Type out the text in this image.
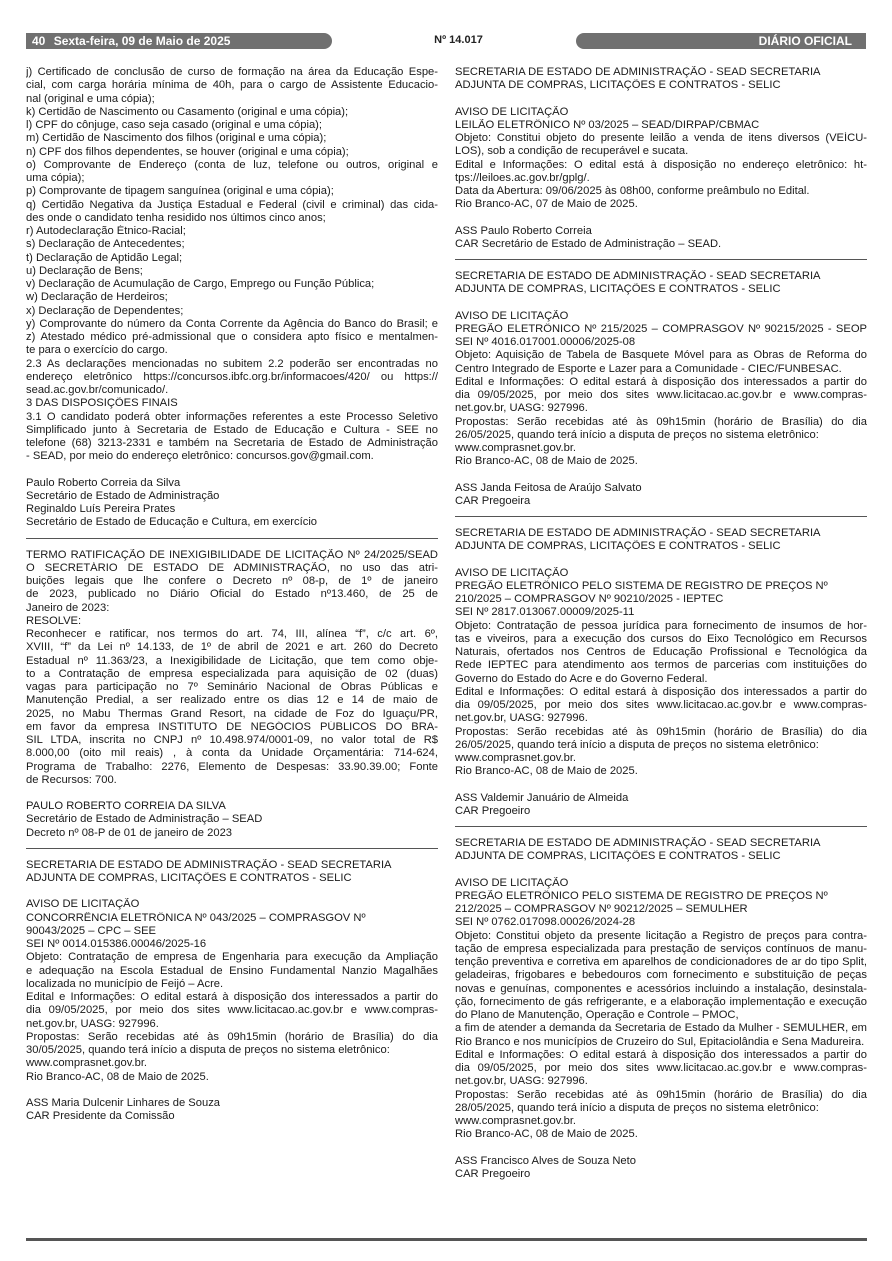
40 Sexta-feira, 09 de Maio de 2025	Nº 14.017	DIÁRIO OFICIAL
j) Certificado de conclusão de curso de formação na área da Educação Espe-
cial, com carga horária mínima de 40h, para o cargo de Assistente Educacio-
nal (original e uma cópia);
k) Certidão de Nascimento ou Casamento (original e uma cópia);
l) CPF do cônjuge, caso seja casado (original e uma cópia);
m) Certidão de Nascimento dos filhos (original e uma cópia);
n) CPF dos filhos dependentes, se houver (original e uma cópia);
o) Comprovante de Endereço (conta de luz, telefone ou outros, original e
uma cópia);
p) Comprovante de tipagem sanguínea (original e uma cópia);
q) Certidão Negativa da Justiça Estadual e Federal (civil e criminal) das cida-
des onde o candidato tenha residido nos últimos cinco anos;
r) Autodeclaração Étnico-Racial;
s) Declaração de Antecedentes;
t) Declaração de Aptidão Legal;
u) Declaração de Bens;
v) Declaração de Acumulação de Cargo, Emprego ou Função Pública;
w) Declaração de Herdeiros;
x) Declaração de Dependentes;
y) Comprovante do número da Conta Corrente da Agência do Banco do Brasil; e
z) Atestado médico pré-admissional que o considera apto físico e mentalmen-
te para o exercício do cargo.
2.3 As declarações mencionadas no subitem 2.2 poderão ser encontradas no
endereço eletrônico https://concursos.ibfc.org.br/informacoes/420/ ou https://
sead.ac.gov.br/comunicado/.
3 DAS DISPOSIÇÕES FINAIS
3.1 O candidato poderá obter informações referentes a este Processo Seletivo
Simplificado junto à Secretaria de Estado de Educação e Cultura - SEE no
telefone (68) 3213-2331 e também na Secretaria de Estado de Administração
- SEAD, por meio do endereço eletrônico: concursos.gov@gmail.com.
Paulo Roberto Correia da Silva
Secretário de Estado de Administração
Reginaldo Luís Pereira Prates
Secretário de Estado de Educação e Cultura, em exercício
TERMO RATIFICAÇÃO DE INEXIGIBILIDADE DE LICITAÇÃO Nº 24/2025/SEAD
O SECRETÁRIO DE ESTADO DE ADMINISTRAÇÃO, no uso das atri-
buições legais que lhe confere o Decreto nº 08-p, de 1º de janeiro
de 2023, publicado no Diário Oficial do Estado nº13.460, de 25 de
Janeiro de 2023:
RESOLVE:
Reconhecer e ratificar, nos termos do art. 74, III, alínea “f”, c/c art. 6º,
XVIII, “f” da Lei nº 14.133, de 1º de abril de 2021 e art. 260 do Decreto
Estadual nº 11.363/23, a Inexigibilidade de Licitação, que tem como obje-
to a Contratação de empresa especializada para aquisição de 02 (duas)
vagas para participação no 7º Seminário Nacional de Obras Públicas e
Manutenção Predial, a ser realizado entre os dias 12 e 14 de maio de
2025, no Mabu Thermas Grand Resort, na cidade de Foz do Iguaçu/PR,
em favor da empresa INSTITUTO DE NEGÓCIOS PÚBLICOS DO BRA-
SIL LTDA, inscrita no CNPJ nº 10.498.974/0001-09, no valor total de R$
8.000,00 (oito mil reais) , à conta da Unidade Orçamentária: 714-624,
Programa de Trabalho: 2276, Elemento de Despesas: 33.90.39.00; Fonte
de Recursos: 700.
PAULO ROBERTO CORREIA DA SILVA
Secretário de Estado de Administração – SEAD
Decreto nº 08-P de 01 de janeiro de 2023
SECRETARIA DE ESTADO DE ADMINISTRAÇÃO - SEAD SECRETARIA
ADJUNTA DE COMPRAS, LICITAÇÕES E CONTRATOS - SELIC
AVISO DE LICITAÇÃO
CONCORRÊNCIA ELETRÔNICA Nº 043/2025 – COMPRASGOV Nº
90043/2025 – CPC – SEE
SEI Nº 0014.015386.00046/2025-16
Objeto: Contratação de empresa de Engenharia para execução da Ampliação
e adequação na Escola Estadual de Ensino Fundamental Nanzio Magalhães
localizada no município de Feijó – Acre.
Edital e Informações: O edital estará à disposição dos interessados a partir do
dia 09/05/2025, por meio dos sites www.licitacao.ac.gov.br e www.compras-
net.gov.br, UASG: 927996.
Propostas: Serão recebidas até às 09h15min (horário de Brasília) do dia
30/05/2025, quando terá início a disputa de preços no sistema eletrônico:
www.comprasnet.gov.br.
Rio Branco-AC, 08 de Maio de 2025.
ASS Maria Dulcenir Linhares de Souza
CAR Presidente da Comissão
SECRETARIA DE ESTADO DE ADMINISTRAÇÃO - SEAD SECRETARIA
ADJUNTA DE COMPRAS, LICITAÇÕES E CONTRATOS - SELIC
AVISO DE LICITAÇÃO
LEILÃO ELETRÔNICO Nº 03/2025 – SEAD/DIRPAP/CBMAC
Objeto: Constitui objeto do presente leilão a venda de itens diversos (VEÍCU-
LOS), sob a condição de recuperável e sucata.
Edital e Informações: O edital está à disposição no endereço eletrônico: ht-
tps://leiloes.ac.gov.br/gplg/.
Data da Abertura: 09/06/2025 às 08h00, conforme preâmbulo no Edital.
Rio Branco-AC, 07 de Maio de 2025.
ASS Paulo Roberto Correia
CAR Secretário de Estado de Administração – SEAD.
SECRETARIA DE ESTADO DE ADMINISTRAÇÃO - SEAD SECRETARIA
ADJUNTA DE COMPRAS, LICITAÇÕES E CONTRATOS - SELIC
AVISO DE LICITAÇÃO
PREGÃO ELETRÔNICO Nº 215/2025 – COMPRASGOV Nº 90215/2025 - SEOP
SEI Nº 4016.017001.00006/2025-08
Objeto: Aquisição de Tabela de Basquete Móvel para as Obras de Reforma do
Centro Integrado de Esporte e Lazer para a Comunidade - CIEC/FUNBESAC.
Edital e Informações: O edital estará à disposição dos interessados a partir do
dia 09/05/2025, por meio dos sites www.licitacao.ac.gov.br e www.compras-
net.gov.br, UASG: 927996.
Propostas: Serão recebidas até às 09h15min (horário de Brasília) do dia
26/05/2025, quando terá início a disputa de preços no sistema eletrônico:
www.comprasnet.gov.br.
Rio Branco-AC, 08 de Maio de 2025.
ASS Janda Feitosa de Araújo Salvato
CAR Pregoeira
SECRETARIA DE ESTADO DE ADMINISTRAÇÃO - SEAD SECRETARIA
ADJUNTA DE COMPRAS, LICITAÇÕES E CONTRATOS - SELIC
AVISO DE LICITAÇÃO
PREGÃO ELETRÔNICO PELO SISTEMA DE REGISTRO DE PREÇOS Nº
210/2025 – COMPRASGOV Nº 90210/2025 - IEPTEC
SEI Nº 2817.013067.00009/2025-11
Objeto: Contratação de pessoa jurídica para fornecimento de insumos de hor-
tas e viveiros, para a execução dos cursos do Eixo Tecnológico em Recursos
Naturais, ofertados nos Centros de Educação Profissional e Tecnológica da
Rede IEPTEC para atendimento aos termos de parcerias com instituições do
Governo do Estado do Acre e do Governo Federal.
Edital e Informações: O edital estará à disposição dos interessados a partir do
dia 09/05/2025, por meio dos sites www.licitacao.ac.gov.br e www.compras-
net.gov.br, UASG: 927996.
Propostas: Serão recebidas até às 09h15min (horário de Brasília) do dia
26/05/2025, quando terá início a disputa de preços no sistema eletrônico:
www.comprasnet.gov.br.
Rio Branco-AC, 08 de Maio de 2025.
ASS Valdemir Januário de Almeida
CAR Pregoeiro
SECRETARIA DE ESTADO DE ADMINISTRAÇÃO - SEAD SECRETARIA
ADJUNTA DE COMPRAS, LICITAÇÕES E CONTRATOS - SELIC
AVISO DE LICITAÇÃO
PREGÃO ELETRÔNICO PELO SISTEMA DE REGISTRO DE PREÇOS Nº
212/2025 – COMPRASGOV Nº 90212/2025 – SEMULHER
SEI Nº 0762.017098.00026/2024-28
Objeto: Constitui objeto da presente licitação a Registro de preços para contra-
tação de empresa especializada para prestação de serviços contínuos de manu-
tenção preventiva e corretiva em aparelhos de condicionadores de ar do tipo Split,
geladeiras, frigobares e bebedouros com fornecimento e substituição de peças
novas e genuínas, componentes e acessórios incluindo a instalação, desinstala-
ção, fornecimento de gás refrigerante, e a elaboração implementação e execução
do Plano de Manutenção, Operação e Controle – PMOC,
a fim de atender a demanda da Secretaria de Estado da Mulher - SEMULHER, em
Rio Branco e nos municípios de Cruzeiro do Sul, Epitaciolândia e Sena Madureira.
Edital e Informações: O edital estará à disposição dos interessados a partir do
dia 09/05/2025, por meio dos sites www.licitacao.ac.gov.br e www.compras-
net.gov.br, UASG: 927996.
Propostas: Serão recebidas até às 09h15min (horário de Brasília) do dia
28/05/2025, quando terá início a disputa de preços no sistema eletrônico:
www.comprasnet.gov.br.
Rio Branco-AC, 08 de Maio de 2025.
ASS Francisco Alves de Souza Neto
CAR Pregoeiro
